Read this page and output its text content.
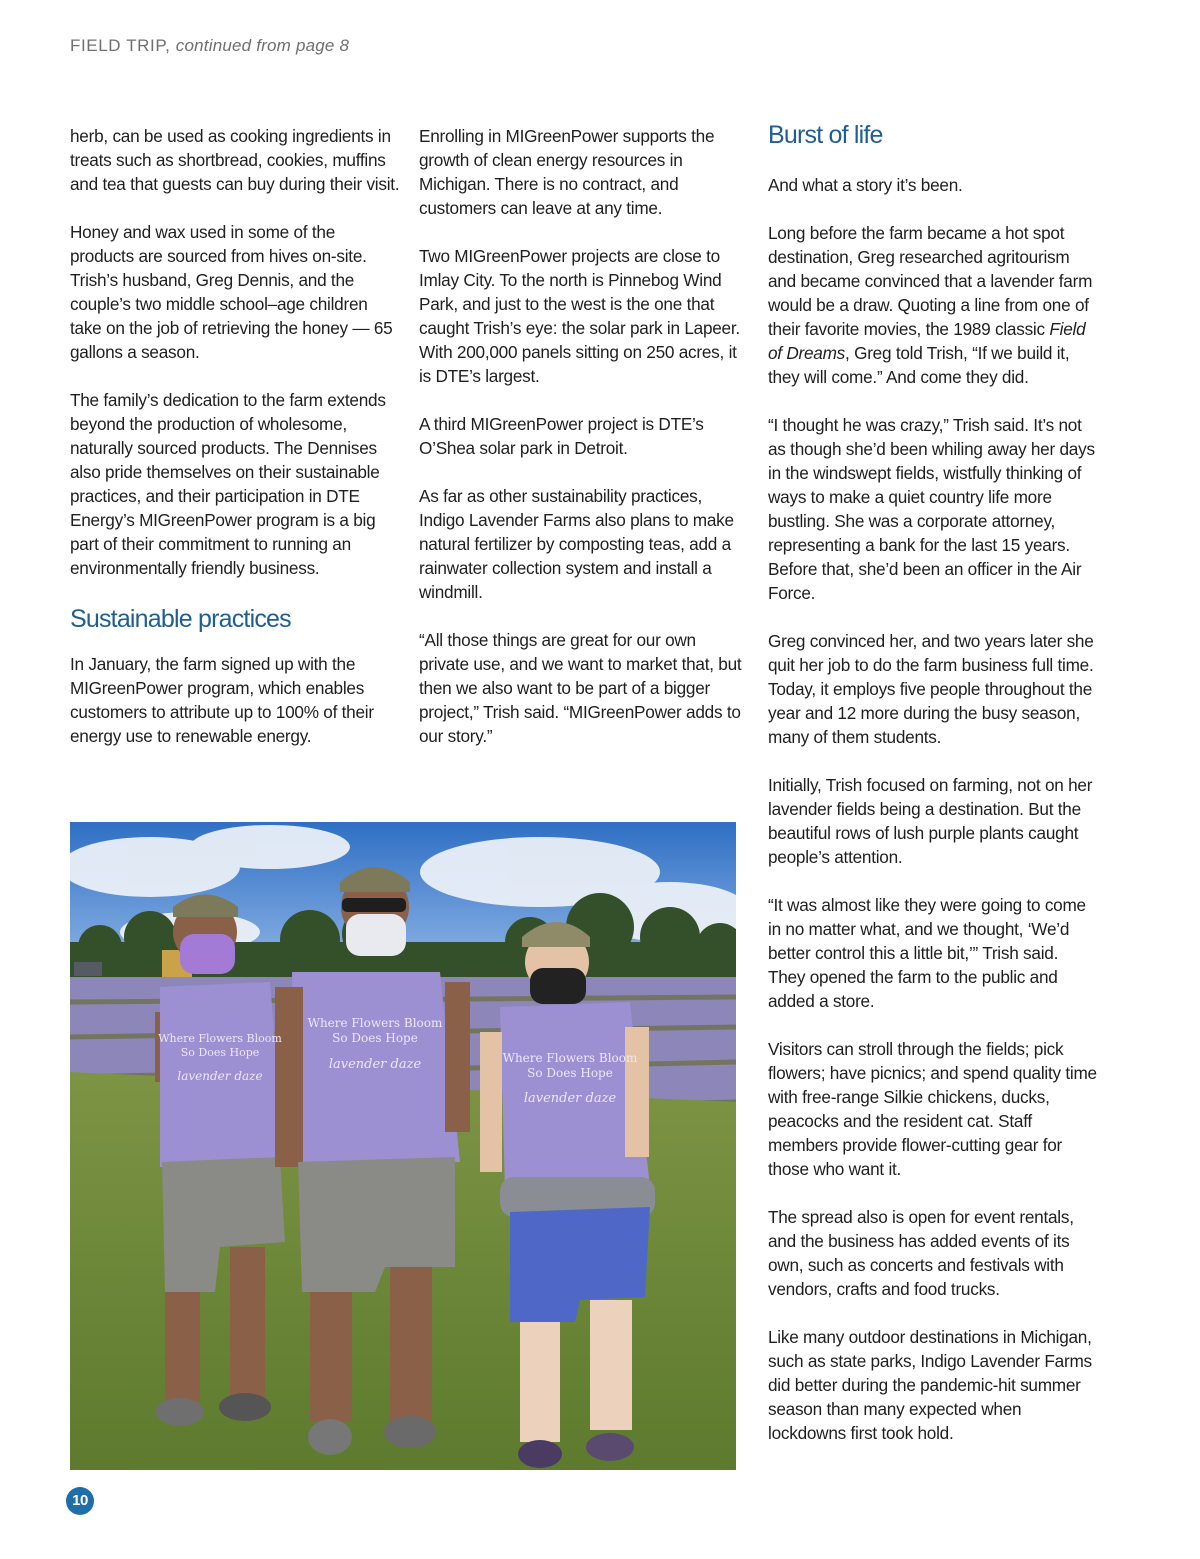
FIELD TRIP, continued from page 8

herb, can be used as cooking ingredients in treats such as shortbread, cookies, muffins and tea that guests can buy during their visit.

Honey and wax used in some of the products are sourced from hives on-site. Trish’s husband, Greg Dennis, and the couple’s two middle school–age children take on the job of retrieving the honey — 65 gallons a season.

The family’s dedication to the farm extends beyond the production of wholesome, naturally sourced products. The Dennises also pride themselves on their sustainable practices, and their participation in DTE Energy’s MIGreenPower program is a big part of their commitment to running an environmentally friendly business.

Sustainable practices

In January, the farm signed up with the MIGreenPower program, which enables customers to attribute up to 100% of their energy use to renewable energy.

Enrolling in MIGreenPower supports the growth of clean energy resources in Michigan. There is no contract, and customers can leave at any time.

Two MIGreenPower projects are close to Imlay City. To the north is Pinnebog Wind Park, and just to the west is the one that caught Trish’s eye: the solar park in Lapeer. With 200,000 panels sitting on 250 acres, it is DTE’s largest.

A third MIGreenPower project is DTE’s O’Shea solar park in Detroit.

As far as other sustainability practices, Indigo Lavender Farms also plans to make natural fertilizer by composting teas, add a rainwater collection system and install a windmill.

“All those things are great for our own private use, and we want to market that, but then we also want to be part of a bigger project,” Trish said. “MIGreenPower adds to our story.”

Burst of life

And what a story it’s been.

Long before the farm became a hot spot destination, Greg researched agritourism and became convinced that a lavender farm would be a draw. Quoting a line from one of their favorite movies, the 1989 classic Field of Dreams, Greg told Trish, “If we build it, they will come.” And come they did.

“I thought he was crazy,” Trish said. It’s not as though she’d been whiling away her days in the windswept fields, wistfully thinking of ways to make a quiet country life more bustling. She was a corporate attorney, representing a bank for the last 15 years. Before that, she’d been an officer in the Air Force.

Greg convinced her, and two years later she quit her job to do the farm business full time. Today, it employs five people throughout the year and 12 more during the busy season, many of them students.

Initially, Trish focused on farming, not on her lavender fields being a destination. But the beautiful rows of lush purple plants caught people’s attention.

“It was almost like they were going to come in no matter what, and we thought, ‘We’d better control this a little bit,’” Trish said. They opened the farm to the public and added a store.

Visitors can stroll through the fields; pick flowers; have picnics; and spend quality time with free-range Silkie chickens, ducks, peacocks and the resident cat. Staff members provide flower-cutting gear for those who want it.

The spread also is open for event rentals, and the business has added events of its own, such as concerts and festivals with vendors, crafts and food trucks.

Like many outdoor destinations in Michigan, such as state parks, Indigo Lavender Farms did better during the pandemic-hit summer season than many expected when lockdowns first took hold.

Where Flowers Bloom
So Does Hope
lavender daze
Where Flowers Bloom
So Does Hope
lavender daze	Where Flowers Bloom
So Does Hope
lavender daze
10
